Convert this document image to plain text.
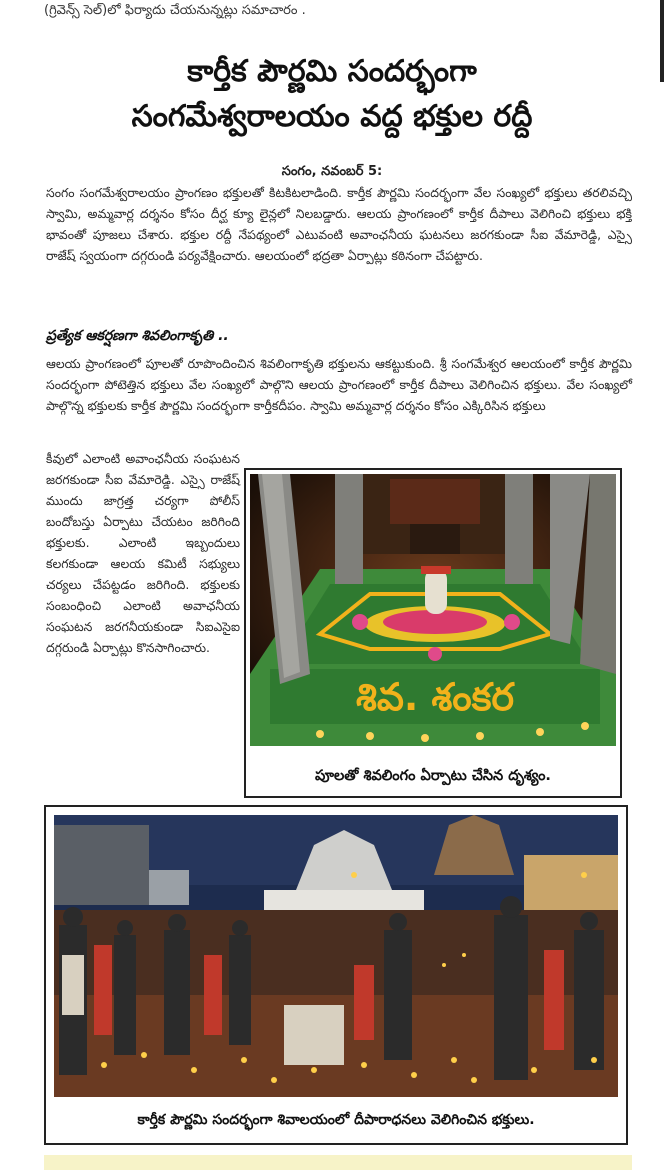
(గ్రివెన్స్ సెల్)లో ఫిర్యాదు చేయనున్నట్లు సమాచారం .
కార్తీక పౌర్ణమి సందర్భంగా
సంగమేశ్వరాలయం వద్ద భక్తుల రద్దీ
సంగం, నవంబర్ 5:
సంగం సంగమేశ్వరాలయం ప్రాంగణం భక్తులతో కిటకిటలాడింది. కార్తీక పౌర్ణమి సందర్భంగా వేల సంఖ్యలో భక్తులు తరలివచ్చి స్వామి, అమ్మవార్ల దర్శనం కోసం దీర్ఘ క్యూ లైన్లలో నిలబడ్డారు. ఆలయ ప్రాంగణంలో కార్తీక దీపాలు వెలిగించి భక్తులు భక్తి భావంతో పూజలు చేశారు. భక్తుల రద్దీ నేపథ్యంలో ఎటువంటి అవాంఛనీయ ఘటనలు జరగకుండా సీఐ వేమారెడ్డి, ఎస్సై రాజేష్ స్వయంగా దగ్గరుండి పర్యవేక్షించారు. ఆలయంలో భద్రతా ఏర్పాట్లు కఠినంగా చేపట్టారు.
ప్రత్యేక ఆకర్షణగా శివలింగాకృతి ..
ఆలయ ప్రాంగణంలో పూలతో రూపొందించిన శివలింగాకృతి భక్తులను ఆకట్టుకుంది. శ్రీ సంగమేశ్వర ఆలయంలో కార్తీక పౌర్ణమి సందర్భంగా పోటెత్తిన భక్తులు వేల సంఖ్యలో పాల్గొని ఆలయ ప్రాంగణంలో కార్తీక దీపాలు వెలిగించిన భక్తులు. వేల సంఖ్యలో పాల్గొన్న భక్తులకు కార్తీక పౌర్ణమి సందర్భంగా కార్తీకదీపం. స్వామి అమ్మవార్ల దర్శనం కోసం ఎక్కిరిసిన భక్తులు
కీవులో ఎలాంటి అవాంఛనీయ సంఘటన జరగకుండా సీఐ వేమారెడ్డి. ఎస్సై రాజేష్ ముందు జాగ్రత్త చర్యగా పోలీస్ బందోబస్తు ఏర్పాటు చేయటం జరిగింది భక్తులకు. ఎలాంటి ఇబ్బందులు కలగకుండా ఆలయ కమిటీ సభ్యులు చర్యలు చేపట్టడం జరిగింది. భక్తులకు సంబంధించి ఎలాంటి అవాఛనీయ సంఘటన జరగనీయకుండా సిఐఎసైఐ దగ్గరుండి ఏర్పాట్లు కొనసాగించారు.
శివ. శంకర
పూలతో శివలింగం ఏర్పాటు చేసిన దృశ్యం.
కార్తీక పౌర్ణమి సందర్భంగా శివాలయంలో దీపారాధనలు వెలిగించిన భక్తులు.
